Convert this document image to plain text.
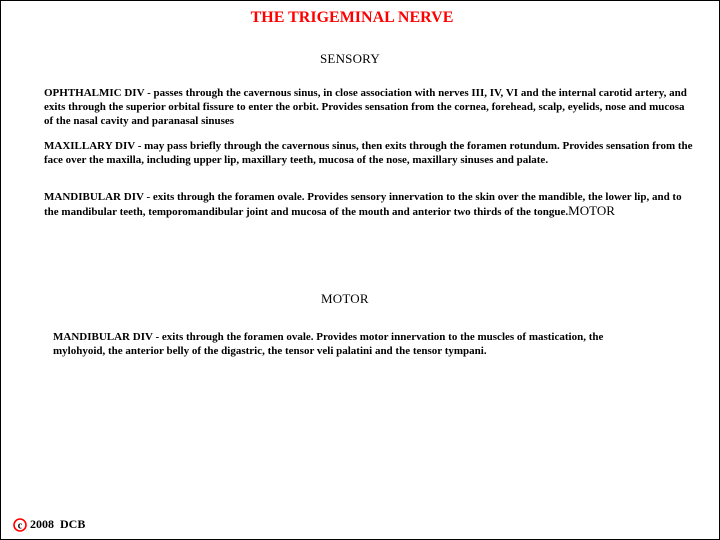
THE TRIGEMINAL NERVE
SENSORY
OPHTHALMIC DIV - passes through the cavernous sinus, in close association with nerves III, IV, VI and the internal carotid artery, and exits through the superior orbital fissure to enter the orbit. Provides sensation from the cornea, forehead, scalp, eyelids, nose and mucosa of the nasal cavity and paranasal sinuses
MAXILLARY DIV - may pass briefly through the cavernous sinus, then exits through the foramen rotundum. Provides sensation from the face over the maxilla, including upper lip, maxillary teeth, mucosa of the nose, maxillary sinuses and palate.
MANDIBULAR DIV - exits through the foramen ovale. Provides sensory innervation to the skin over the mandible, the lower lip, and to the mandibular teeth, temporomandibular joint and mucosa of the mouth and anterior two thirds of the tongue.MOTOR
MOTOR
MANDIBULAR DIV - exits through the foramen ovale. Provides motor innervation to the muscles of mastication, the mylohyoid, the anterior belly of the digastric, the tensor veli palatini and the tensor tympani.
c 2008 DCB
